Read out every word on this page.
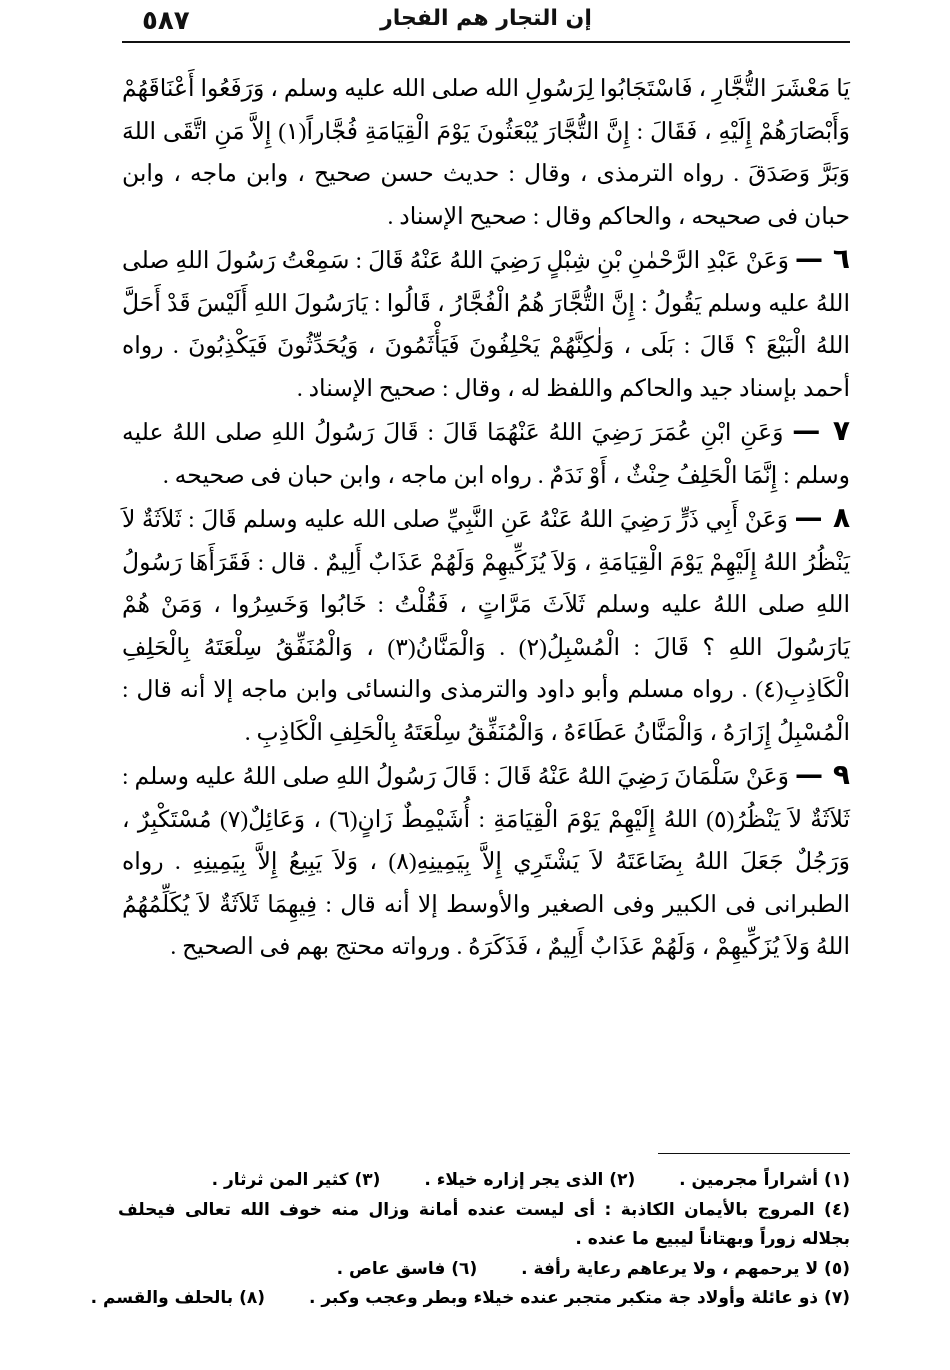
إن التجار هم الفجار
٥٨٧

يَا مَعْشَرَ التُّجَّارِ ، فَاسْتَجَابُوا لِرَسُولِ الله صلى الله عليه وسلم ، وَرَفَعُوا أَعْنَاقَهُمْ وَأَبْصَارَهُمْ إِلَيْهِ ، فَقَالَ : إِنَّ التُّجَّارَ يُبْعَثُونَ يَوْمَ الْقِيَامَةِ فُجَّاراً(١) إِلاَّ مَنِ اتَّقَى اللهَ وَبَرَّ وَصَدَقَ . رواه الترمذى ، وقال : حديث حسن صحيح ، وابن ماجه ، وابن حبان فى صحيحه ، والحاكم وقال : صحيح الإسناد .

٦ — وَعَنْ عَبْدِ الرَّحْمٰنِ بْنِ شِبْلٍ رَضِيَ اللهُ عَنْهُ قَالَ : سَمِعْتُ رَسُولَ اللهِ صلى اللهُ عليه وسلم يَقُولُ : إِنَّ التُّجَّارَ هُمُ الْفُجَّارُ ، قَالُوا : يَارَسُولَ اللهِ أَلَيْسَ قَدْ أَحَلَّ اللهُ الْبَيْعَ ؟ قَالَ : بَلَى ، وَلٰكِنَّهُمْ يَحْلِفُونَ فَيَأْثَمُونَ ، وَيُحَدِّثُونَ فَيَكْذِبُونَ . رواه أحمد بإسناد جيد والحاكم واللفظ له ، وقال : صحيح الإسناد .

٧ — وَعَنِ ابْنِ عُمَرَ رَضِيَ اللهُ عَنْهُمَا قَالَ : قَالَ رَسُولُ اللهِ صلى اللهُ عليه وسلم : إِنَّمَا الْحَلِفُ حِنْثٌ ، أَوْ نَدَمٌ . رواه ابن ماجه ، وابن حبان فى صحيحه .

٨ — وَعَنْ أَبِي ذَرٍّ رَضِيَ اللهُ عَنْهُ عَنِ النَّبِيِّ صلى الله عليه وسلم قَالَ : ثَلاَثَةٌ لاَ يَنْظُرُ اللهُ إِلَيْهِمْ يَوْمَ الْقِيَامَةِ ، وَلاَ يُزَكِّيهِمْ وَلَهُمْ عَذَابٌ أَلِيمٌ . قال : فَقَرَأَهَا رَسُولُ اللهِ صلى اللهُ عليه وسلم ثَلاَثَ مَرَّاتٍ ، فَقُلْتُ : خَابُوا وَخَسِرُوا ، وَمَنْ هُمْ يَارَسُولَ اللهِ ؟ قَالَ : الْمُسْبِلُ(٢) . وَالْمَنَّانُ(٣) ، وَالْمُنَفِّقُ سِلْعَتَهُ بِالْحَلِفِ الْكَاذِبِ(٤) . رواه مسلم وأبو داود والترمذى والنسائى وابن ماجه إلا أنه قال : الْمُسْبِلُ إِزَارَهُ ، وَالْمَنَّانُ عَطَاءَهُ ، وَالْمُنَفِّقُ سِلْعَتَهُ بِالْحَلِفِ الْكَاذِبِ .

٩ — وَعَنْ سَلْمَانَ رَضِيَ اللهُ عَنْهُ قَالَ : قَالَ رَسُولُ اللهِ صلى اللهُ عليه وسلم : ثَلاَثَةٌ لاَ يَنْظُرُ(٥) اللهُ إِلَيْهِمْ يَوْمَ الْقِيَامَةِ : أُشَيْمِطٌ زَانٍ(٦) ، وَعَائِلٌ(٧) مُسْتَكْبِرٌ ، وَرَجُلٌ جَعَلَ اللهُ بِضَاعَتَهُ لاَ يَشْتَرِي إِلاَّ بِيَمِينِهِ(٨) ، وَلاَ يَبِيعُ إِلاَّ بِيَمِينِهِ . رواه الطبرانى فى الكبير وفى الصغير والأوسط إلا أنه قال : فِيهِمَا ثَلاَثَةٌ لاَ يُكَلِّمُهُمُ اللهُ وَلاَ يُزَكِّيهِمْ ، وَلَهُمْ عَذَابٌ أَلِيمٌ ، فَذَكَرَهُ . ورواته محتج بهم فى الصحيح .

(١) أشراراً مجرمين . (٢) الذى يجر إزاره خيلاء . (٣) كثير المن ثرثار .
(٤) المروج بالأيمان الكاذبة : أى ليست عنده أمانة وزال منه خوف الله تعالى فيحلف بجلاله زوراً وبهتاناً ليبيع ما عنده .
(٥) لا يرحمهم ، ولا يرعاهم رعاية رأفة . (٦) فاسق عاص .
(٧) ذو عائلة وأولاد جة متكبر متجبر عنده خيلاء وبطر وعجب وكبر . (٨) بالحلف والقسم .
